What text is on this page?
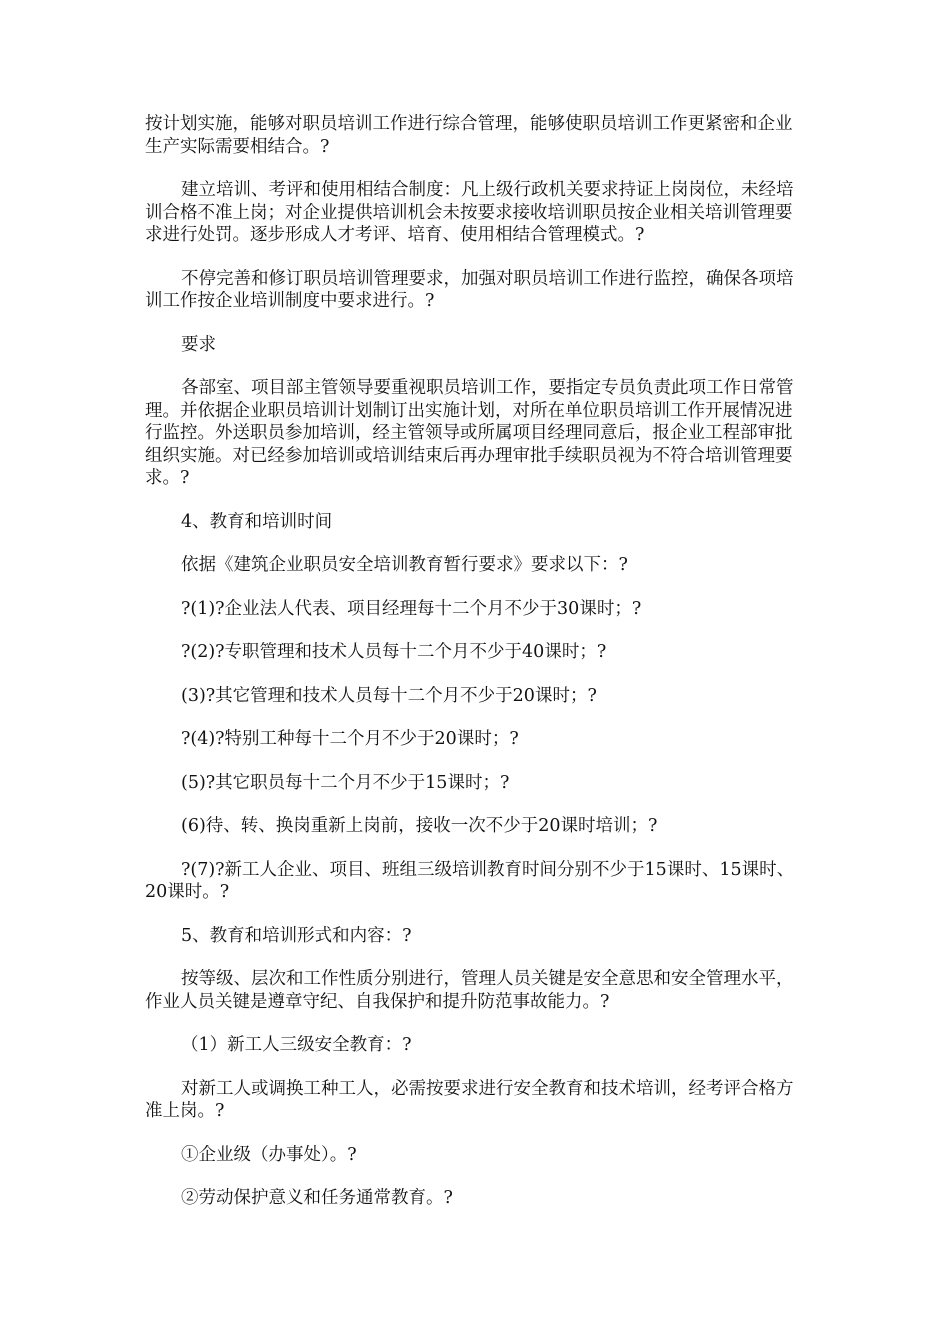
按计划实施，能够对职员培训工作进行综合管理，能够使职员培训工作更紧密和企业生产实际需要相结合。?

建立培训、考评和使用相结合制度：凡上级行政机关要求持证上岗岗位，未经培训合格不准上岗；对企业提供培训机会未按要求接收培训职员按企业相关培训管理要求进行处罚。逐步形成人才考评、培育、使用相结合管理模式。?

不停完善和修订职员培训管理要求，加强对职员培训工作进行监控，确保各项培训工作按企业培训制度中要求进行。?

要求

各部室、项目部主管领导要重视职员培训工作，要指定专员负责此项工作日常管理。并依据企业职员培训计划制订出实施计划，对所在单位职员培训工作开展情况进行监控。外送职员参加培训，经主管领导或所属项目经理同意后，报企业工程部审批组织实施。对已经参加培训或培训结束后再办理审批手续职员视为不符合培训管理要求。?

4、教育和培训时间

依据《建筑企业职员安全培训教育暂行要求》要求以下：?

?(1)?企业法人代表、项目经理每十二个月不少于30课时；?

?(2)?专职管理和技术人员每十二个月不少于40课时；?

(3)?其它管理和技术人员每十二个月不少于20课时；?

?(4)?特别工种每十二个月不少于20课时；?

(5)?其它职员每十二个月不少于15课时；?

(6)待、转、换岗重新上岗前，接收一次不少于20课时培训；?

?(7)?新工人企业、项目、班组三级培训教育时间分别不少于15课时、15课时、20课时。?

5、教育和培训形式和内容：?

按等级、层次和工作性质分别进行，管理人员关键是安全意思和安全管理水平，作业人员关键是遵章守纪、自我保护和提升防范事故能力。?

（1）新工人三级安全教育：?

对新工人或调换工种工人，必需按要求进行安全教育和技术培训，经考评合格方准上岗。?

①企业级（办事处）。?

②劳动保护意义和任务通常教育。?
